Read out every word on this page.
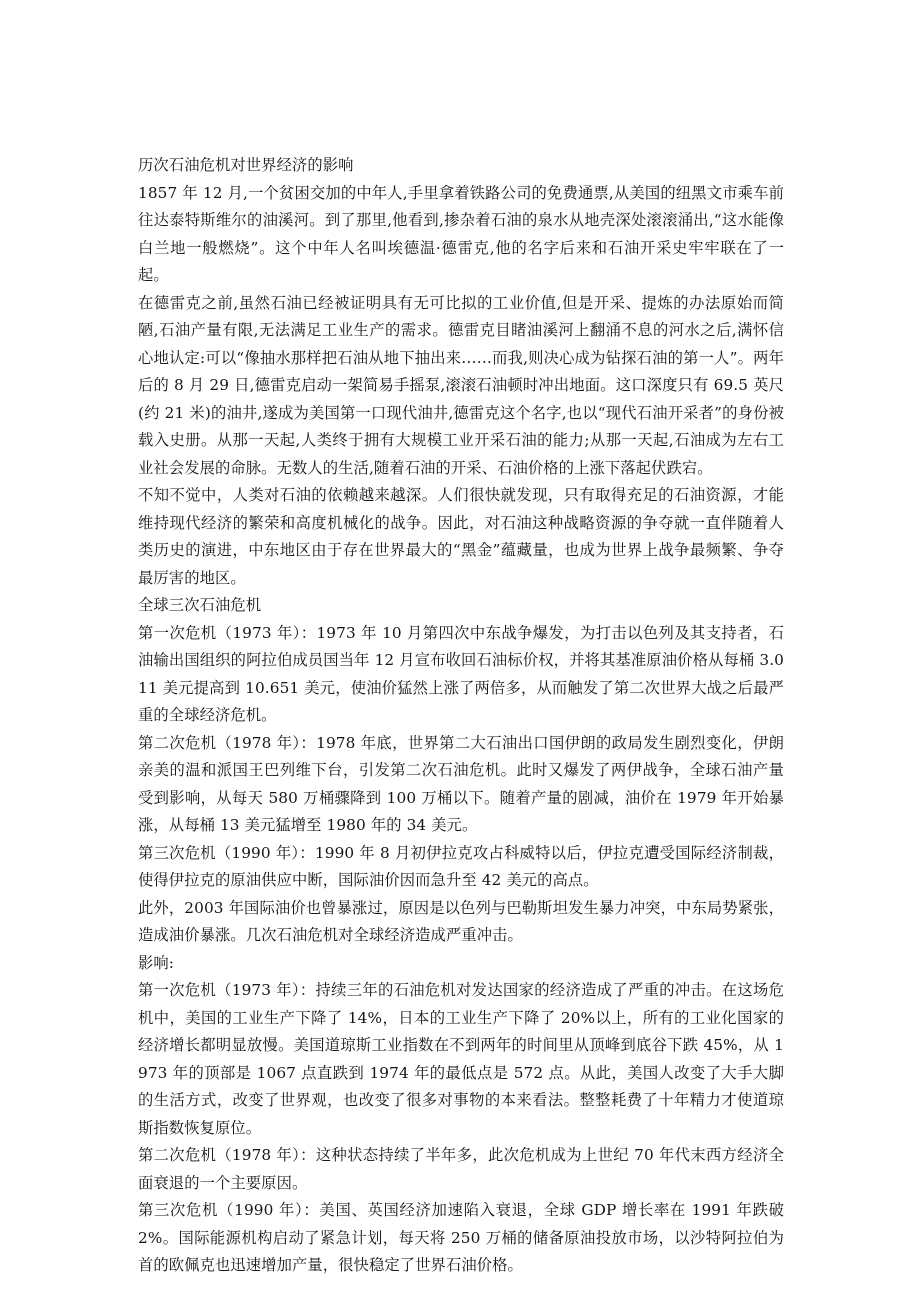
历次石油危机对世界经济的影响

1857 年 12 月,一个贫困交加的中年人,手里拿着铁路公司的免费通票,从美国的纽黑文市乘车前往达泰特斯维尔的油溪河。到了那里,他看到,掺杂着石油的泉水从地壳深处滚滚涌出,“这水能像白兰地一般燃烧”。这个中年人名叫埃德温·德雷克,他的名字后来和石油开采史牢牢联在了一起。

在德雷克之前,虽然石油已经被证明具有无可比拟的工业价值,但是开采、提炼的办法原始而简陋,石油产量有限,无法满足工业生产的需求。德雷克目睹油溪河上翻涌不息的河水之后,满怀信心地认定:可以“像抽水那样把石油从地下抽出来……而我,则决心成为钻探石油的第一人”。两年后的 8 月 29 日,德雷克启动一架简易手摇泵,滚滚石油顿时冲出地面。这口深度只有 69.5 英尺(约 21 米)的油井,遂成为美国第一口现代油井,德雷克这个名字,也以“现代石油开采者”的身份被载入史册。从那一天起,人类终于拥有大规模工业开采石油的能力;从那一天起,石油成为左右工业社会发展的命脉。无数人的生活,随着石油的开采、石油价格的上涨下落起伏跌宕。

不知不觉中，人类对石油的依赖越来越深。人们很快就发现，只有取得充足的石油资源，才能维持现代经济的繁荣和高度机械化的战争。因此，对石油这种战略资源的争夺就一直伴随着人类历史的演进，中东地区由于存在世界最大的“黑金”蕴藏量，也成为世界上战争最频繁、争夺最厉害的地区。

全球三次石油危机

第一次危机（1973 年）：1973 年 10 月第四次中东战争爆发，为打击以色列及其支持者，石油输出国组织的阿拉伯成员国当年 12 月宣布收回石油标价权，并将其基准原油价格从每桶 3.011 美元提高到 10.651 美元，使油价猛然上涨了两倍多，从而触发了第二次世界大战之后最严重的全球经济危机。

第二次危机（1978 年）：1978 年底，世界第二大石油出口国伊朗的政局发生剧烈变化，伊朗亲美的温和派国王巴列维下台，引发第二次石油危机。此时又爆发了两伊战争，全球石油产量受到影响，从每天 580 万桶骤降到 100 万桶以下。随着产量的剧减，油价在 1979 年开始暴涨，从每桶 13 美元猛增至 1980 年的 34 美元。

第三次危机（1990 年）：1990 年 8 月初伊拉克攻占科威特以后，伊拉克遭受国际经济制裁，使得伊拉克的原油供应中断，国际油价因而急升至 42 美元的高点。

此外，2003 年国际油价也曾暴涨过，原因是以色列与巴勒斯坦发生暴力冲突，中东局势紧张，造成油价暴涨。几次石油危机对全球经济造成严重冲击。

影响:

第一次危机（1973 年）：持续三年的石油危机对发达国家的经济造成了严重的冲击。在这场危机中，美国的工业生产下降了 14%，日本的工业生产下降了 20%以上，所有的工业化国家的经济增长都明显放慢。美国道琼斯工业指数在不到两年的时间里从顶峰到底谷下跌 45%，从 1973 年的顶部是 1067 点直跌到 1974 年的最低点是 572 点。从此，美国人改变了大手大脚的生活方式，改变了世界观，也改变了很多对事物的本来看法。整整耗费了十年精力才使道琼斯指数恢复原位。

第二次危机（1978 年）：这种状态持续了半年多，此次危机成为上世纪 70 年代末西方经济全面衰退的一个主要原因。

第三次危机（1990 年）：美国、英国经济加速陷入衰退，全球 GDP 增长率在 1991 年跌破 2%。国际能源机构启动了紧急计划，每天将 250 万桶的储备原油投放市场，以沙特阿拉伯为首的欧佩克也迅速增加产量，很快稳定了世界石油价格。
